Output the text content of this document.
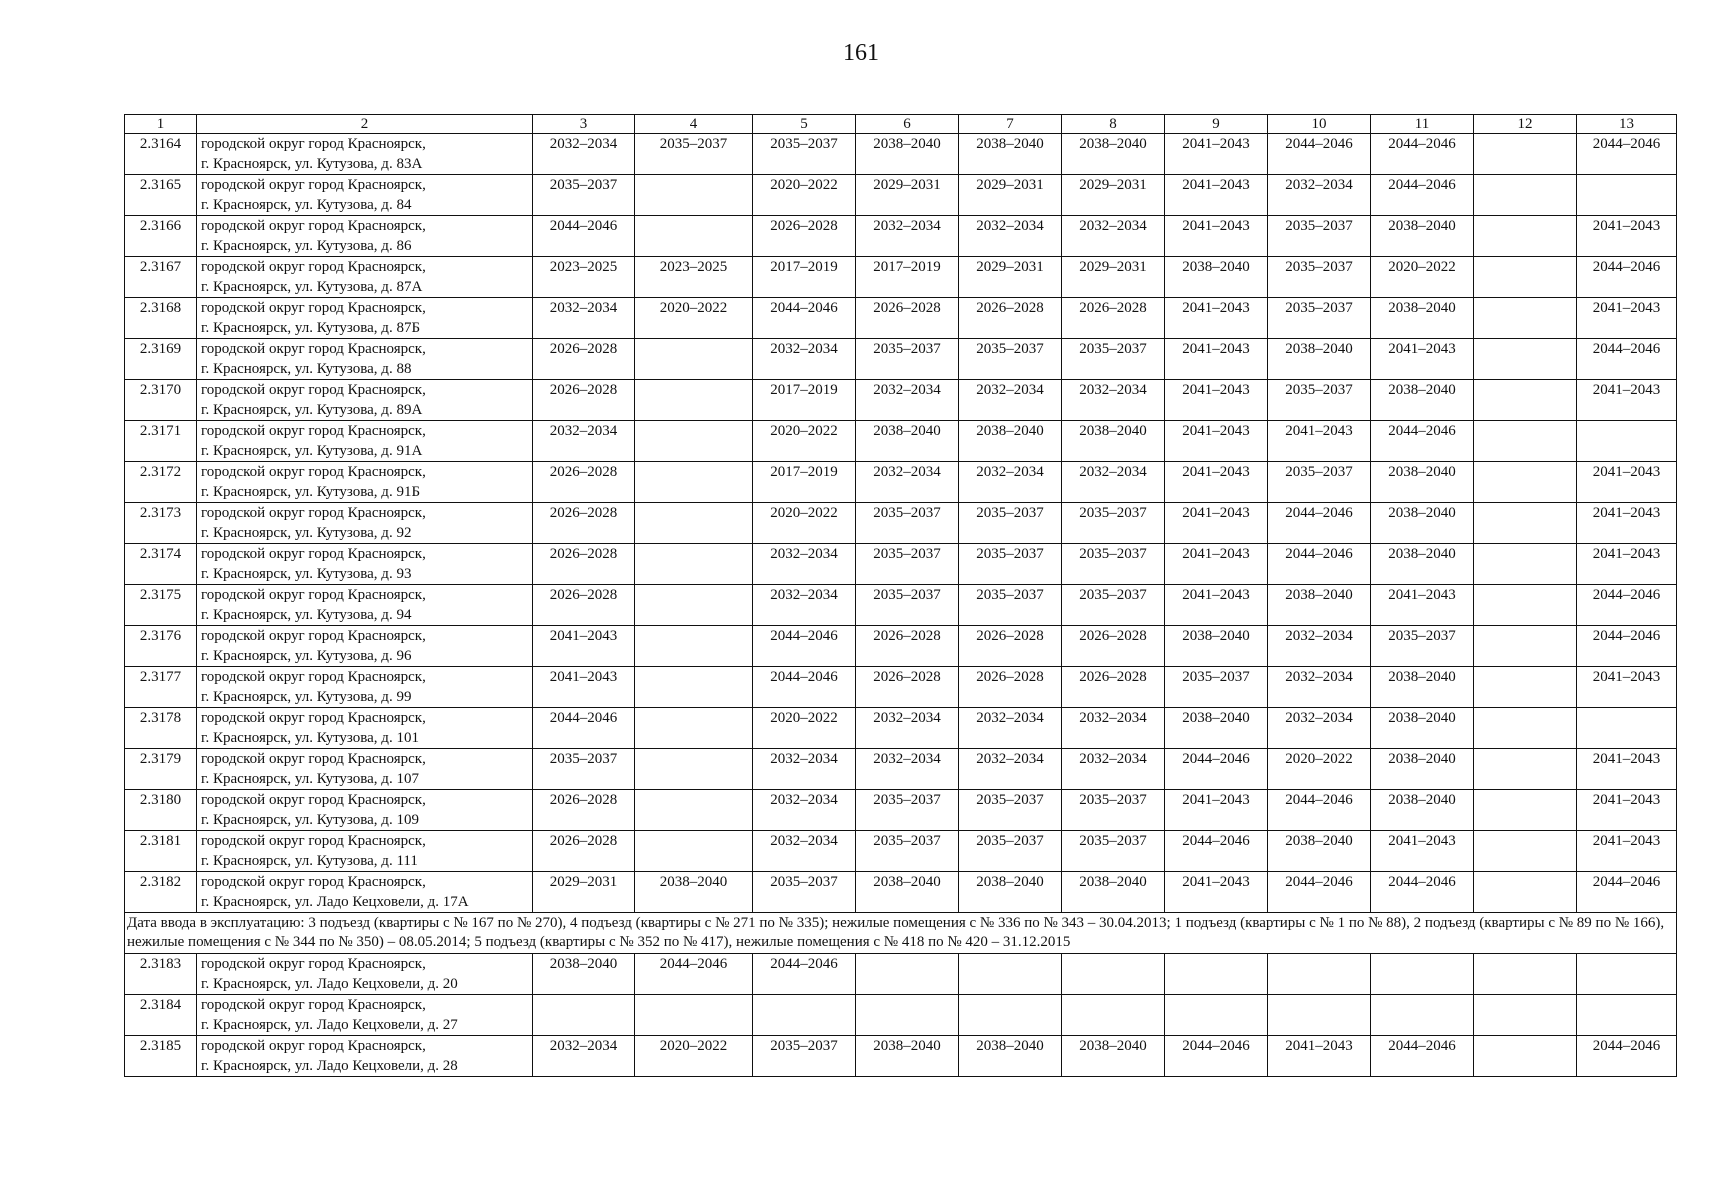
161
1	2	3	4	5	6	7	8	9	10	11	12	13
2.3164	городской округ город Красноярск,
г. Красноярск, ул. Кутузова, д. 83А	2032–2034	2035–2037	2035–2037	2038–2040	2038–2040	2038–2040	2041–2043	2044–2046	2044–2046		2044–2046
2.3165	городской округ город Красноярск,
г. Красноярск, ул. Кутузова, д. 84	2035–2037		2020–2022	2029–2031	2029–2031	2029–2031	2041–2043	2032–2034	2044–2046		
2.3166	городской округ город Красноярск,
г. Красноярск, ул. Кутузова, д. 86	2044–2046		2026–2028	2032–2034	2032–2034	2032–2034	2041–2043	2035–2037	2038–2040		2041–2043
2.3167	городской округ город Красноярск,
г. Красноярск, ул. Кутузова, д. 87А	2023–2025	2023–2025	2017–2019	2017–2019	2029–2031	2029–2031	2038–2040	2035–2037	2020–2022		2044–2046
2.3168	городской округ город Красноярск,
г. Красноярск, ул. Кутузова, д. 87Б	2032–2034	2020–2022	2044–2046	2026–2028	2026–2028	2026–2028	2041–2043	2035–2037	2038–2040		2041–2043
2.3169	городской округ город Красноярск,
г. Красноярск, ул. Кутузова, д. 88	2026–2028		2032–2034	2035–2037	2035–2037	2035–2037	2041–2043	2038–2040	2041–2043		2044–2046
2.3170	городской округ город Красноярск,
г. Красноярск, ул. Кутузова, д. 89А	2026–2028		2017–2019	2032–2034	2032–2034	2032–2034	2041–2043	2035–2037	2038–2040		2041–2043
2.3171	городской округ город Красноярск,
г. Красноярск, ул. Кутузова, д. 91А	2032–2034		2020–2022	2038–2040	2038–2040	2038–2040	2041–2043	2041–2043	2044–2046		
2.3172	городской округ город Красноярск,
г. Красноярск, ул. Кутузова, д. 91Б	2026–2028		2017–2019	2032–2034	2032–2034	2032–2034	2041–2043	2035–2037	2038–2040		2041–2043
2.3173	городской округ город Красноярск,
г. Красноярск, ул. Кутузова, д. 92	2026–2028		2020–2022	2035–2037	2035–2037	2035–2037	2041–2043	2044–2046	2038–2040		2041–2043
2.3174	городской округ город Красноярск,
г. Красноярск, ул. Кутузова, д. 93	2026–2028		2032–2034	2035–2037	2035–2037	2035–2037	2041–2043	2044–2046	2038–2040		2041–2043
2.3175	городской округ город Красноярск,
г. Красноярск, ул. Кутузова, д. 94	2026–2028		2032–2034	2035–2037	2035–2037	2035–2037	2041–2043	2038–2040	2041–2043		2044–2046
2.3176	городской округ город Красноярск,
г. Красноярск, ул. Кутузова, д. 96	2041–2043		2044–2046	2026–2028	2026–2028	2026–2028	2038–2040	2032–2034	2035–2037		2044–2046
2.3177	городской округ город Красноярск,
г. Красноярск, ул. Кутузова, д. 99	2041–2043		2044–2046	2026–2028	2026–2028	2026–2028	2035–2037	2032–2034	2038–2040		2041–2043
2.3178	городской округ город Красноярск,
г. Красноярск, ул. Кутузова, д. 101	2044–2046		2020–2022	2032–2034	2032–2034	2032–2034	2038–2040	2032–2034	2038–2040		
2.3179	городской округ город Красноярск,
г. Красноярск, ул. Кутузова, д. 107	2035–2037		2032–2034	2032–2034	2032–2034	2032–2034	2044–2046	2020–2022	2038–2040		2041–2043
2.3180	городской округ город Красноярск,
г. Красноярск, ул. Кутузова, д. 109	2026–2028		2032–2034	2035–2037	2035–2037	2035–2037	2041–2043	2044–2046	2038–2040		2041–2043
2.3181	городской округ город Красноярск,
г. Красноярск, ул. Кутузова, д. 111	2026–2028		2032–2034	2035–2037	2035–2037	2035–2037	2044–2046	2038–2040	2041–2043		2041–2043
2.3182	городской округ город Красноярск,
г. Красноярск, ул. Ладо Кецховели, д. 17А	2029–2031	2038–2040	2035–2037	2038–2040	2038–2040	2038–2040	2041–2043	2044–2046	2044–2046		2044–2046
Дата ввода в эксплуатацию: 3 подъезд (квартиры с № 167 по № 270), 4 подъезд (квартиры с № 271 по № 335); нежилые помещения с № 336 по № 343 – 30.04.2013; 1 подъезд (квартиры с № 1 по № 88), 2 подъезд (квартиры с № 89 по № 166), нежилые помещения с № 344 по № 350) – 08.05.2014; 5 подъезд (квартиры с № 352 по № 417), нежилые помещения с № 418 по № 420 – 31.12.2015												
2.3183	городской округ город Красноярск,
г. Красноярск, ул. Ладо Кецховели, д. 20	2038–2040	2044–2046	2044–2046								
2.3184	городской округ город Красноярск,
г. Красноярск, ул. Ладо Кецховели, д. 27											

2.3185	городской округ город Красноярск,
г. Красноярск, ул. Ладо Кецховели, д. 28	2032–2034	2020–2022	2035–2037	2038–2040	2038–2040	2038–2040	2044–2046	2041–2043	2044–2046		2044–2046
